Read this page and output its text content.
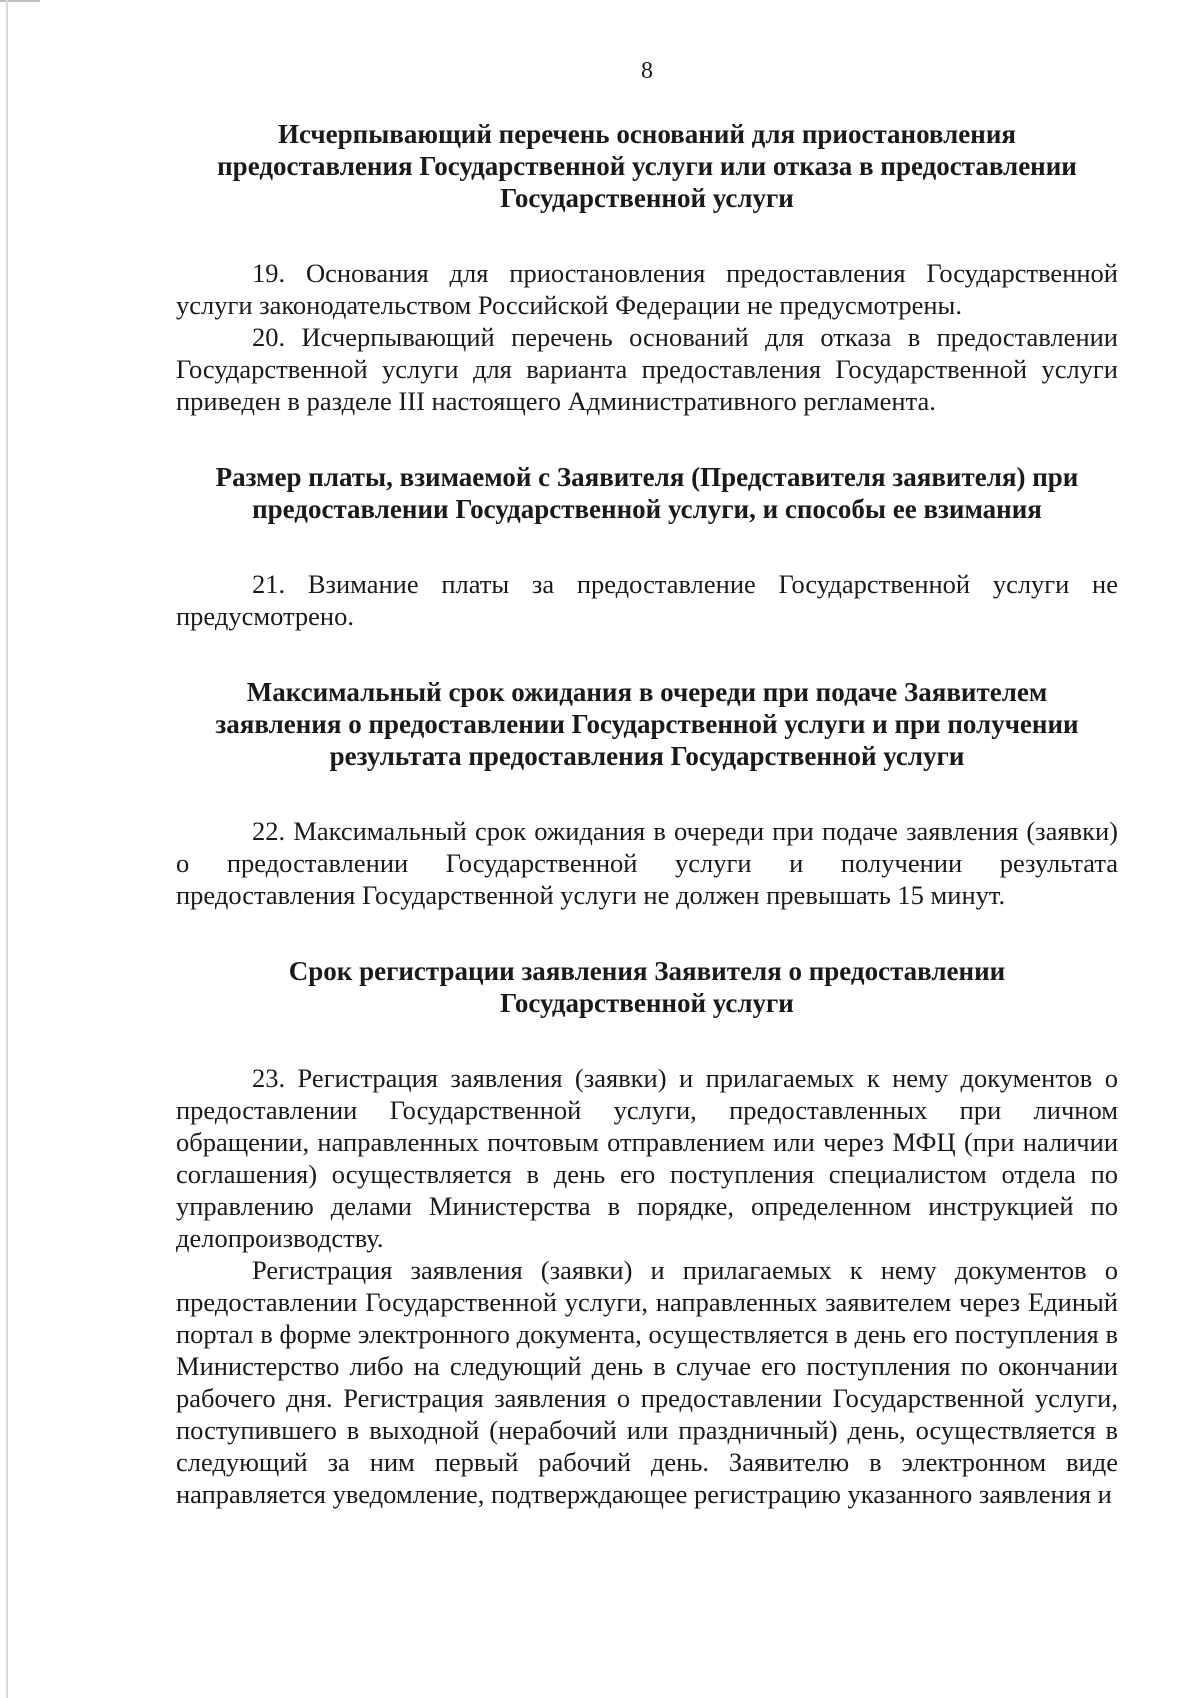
8
Исчерпывающий перечень оснований для приостановления предоставления Государственной услуги или отказа в предоставлении Государственной услуги

19. Основания для приостановления предоставления Государственной услуги законодательством Российской Федерации не предусмотрены.

20. Исчерпывающий перечень оснований для отказа в предоставлении Государственной услуги для варианта предоставления Государственной услуги приведен в разделе III настоящего Административного регламента.

Размер платы, взимаемой с Заявителя (Представителя заявителя) при предоставлении Государственной услуги, и способы ее взимания

21. Взимание платы за предоставление Государственной услуги не предусмотрено.

Максимальный срок ожидания в очереди при подаче Заявителем заявления о предоставлении Государственной услуги и при получении результата предоставления Государственной услуги

22. Максимальный срок ожидания в очереди при подаче заявления (заявки) о предоставлении Государственной услуги и получении результата предоставления Государственной услуги не должен превышать 15 минут.

Срок регистрации заявления Заявителя о предоставлении Государственной услуги

23. Регистрация заявления (заявки) и прилагаемых к нему документов о предоставлении Государственной услуги, предоставленных при личном обращении, направленных почтовым отправлением или через МФЦ (при наличии соглашения) осуществляется в день его поступления специалистом отдела по управлению делами Министерства в порядке, определенном инструкцией по делопроизводству.

Регистрация заявления (заявки) и прилагаемых к нему документов о предоставлении Государственной услуги, направленных заявителем через Единый портал в форме электронного документа, осуществляется в день его поступления в Министерство либо на следующий день в случае его поступления по окончании рабочего дня. Регистрация заявления о предоставлении Государственной услуги, поступившего в выходной (нерабочий или праздничный) день, осуществляется в следующий за ним первый рабочий день. Заявителю в электронном виде направляется уведомление, подтверждающее регистрацию указанного заявления и
